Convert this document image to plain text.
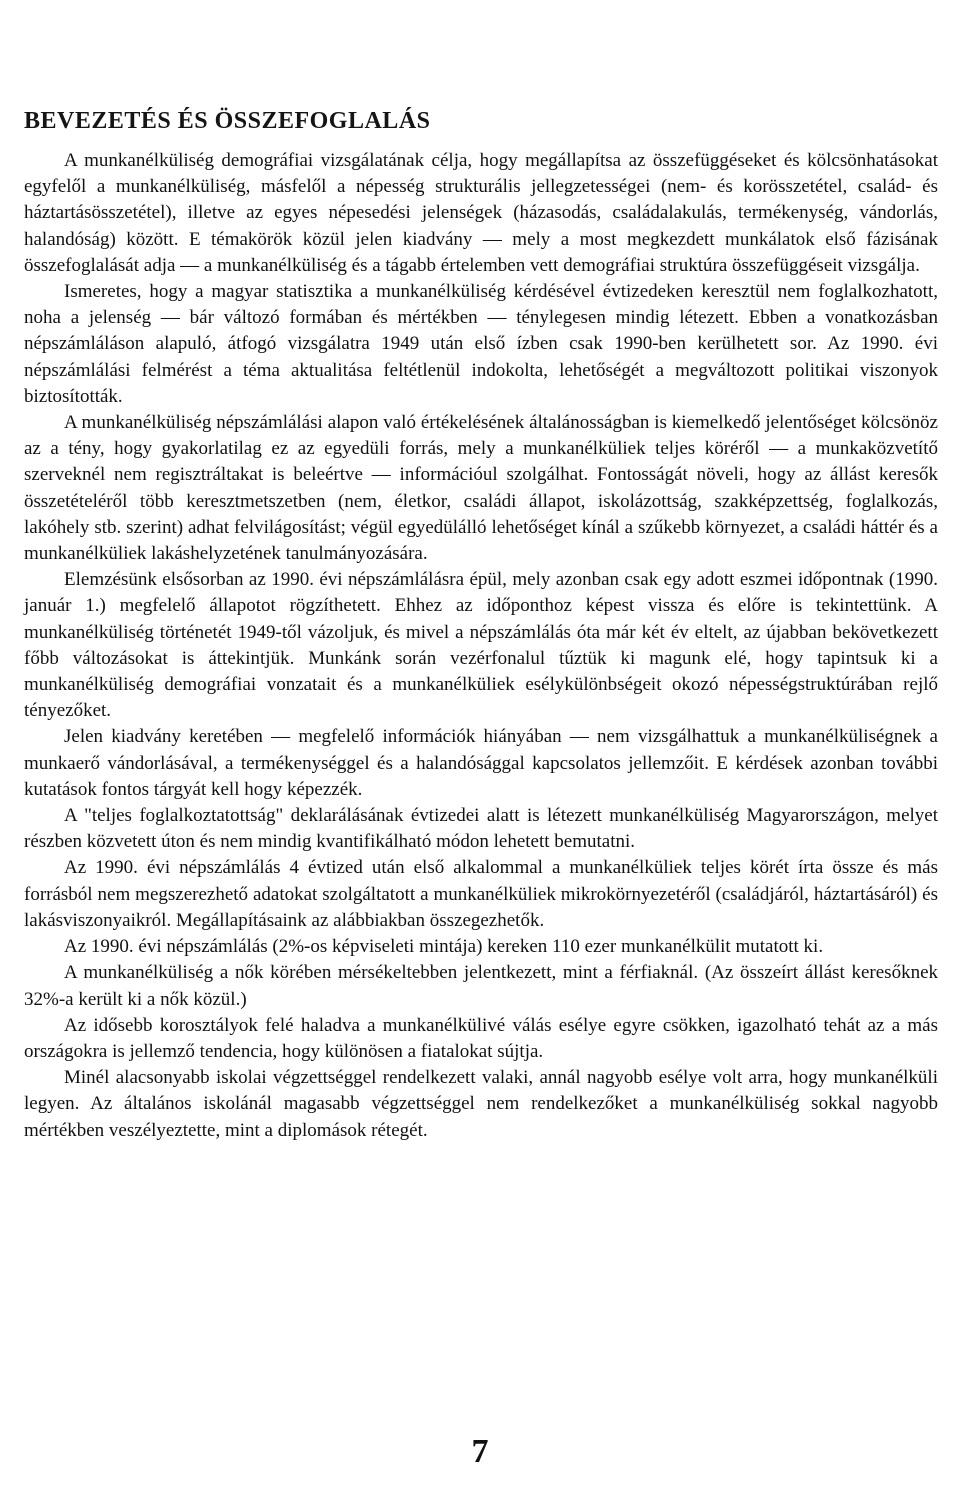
BEVEZETÉS ÉS ÖSSZEFOGLALÁS

A munkanélküliség demográfiai vizsgálatának célja, hogy megállapítsa az összefüggéseket és kölcsönhatásokat egyfelől a munkanélküliség, másfelől a népesség strukturális jellegzetességei (nem- és korösszetétel, család- és háztartásösszetétel), illetve az egyes népesedési jelenségek (házasodás, családalakulás, termékenység, vándorlás, halandóság) között. E témakörök közül jelen kiadvány — mely a most megkezdett munkálatok első fázisának összefoglalását adja — a munkanélküliség és a tágabb értelemben vett demográfiai struktúra összefüggéseit vizsgálja.

Ismeretes, hogy a magyar statisztika a munkanélküliség kérdésével évtizedeken keresztül nem foglalkozhatott, noha a jelenség — bár változó formában és mértékben — ténylegesen mindig létezett. Ebben a vonatkozásban népszámláláson alapuló, átfogó vizsgálatra 1949 után első ízben csak 1990-ben kerülhetett sor. Az 1990. évi népszámlálási felmérést a téma aktualitása feltétlenül indokolta, lehetőségét a megváltozott politikai viszonyok biztosították.

A munkanélküliség népszámlálási alapon való értékelésének általánosságban is kiemelkedő jelentőséget kölcsönöz az a tény, hogy gyakorlatilag ez az egyedüli forrás, mely a munkanélküliek teljes köréről — a munkaközvetítő szerveknél nem regisztráltakat is beleértve — információul szolgálhat. Fontosságát növeli, hogy az állást keresők összetételéről több keresztmetszetben (nem, életkor, családi állapot, iskolázottság, szakképzettség, foglalkozás, lakóhely stb. szerint) adhat felvilágosítást; végül egyedülálló lehetőséget kínál a szűkebb környezet, a családi háttér és a munkanélküliek lakáshelyzetének tanulmányozására.

Elemzésünk elsősorban az 1990. évi népszámlálásra épül, mely azonban csak egy adott eszmei időpontnak (1990. január 1.) megfelelő állapotot rögzíthetett. Ehhez az időponthoz képest vissza és előre is tekintettünk. A munkanélküliség történetét 1949-től vázoljuk, és mivel a népszámlálás óta már két év eltelt, az újabban bekövetkezett főbb változásokat is áttekintjük. Munkánk során vezérfonalul tűztük ki magunk elé, hogy tapintsuk ki a munkanélküliség demográfiai vonzatait és a munkanélküliek esélykülönbségeit okozó népességstruktúrában rejlő tényezőket.

Jelen kiadvány keretében — megfelelő információk hiányában — nem vizsgálhattuk a munkanélküliségnek a munkaerő vándorlásával, a termékenységgel és a halandósággal kapcsolatos jellemzőit. E kérdések azonban további kutatások fontos tárgyát kell hogy képezzék.

A "teljes foglalkoztatottság" deklarálásának évtizedei alatt is létezett munkanélküliség Magyarországon, melyet részben közvetett úton és nem mindig kvantifikálható módon lehetett bemutatni.

Az 1990. évi népszámlálás 4 évtized után első alkalommal a munkanélküliek teljes körét írta össze és más forrásból nem megszerezhető adatokat szolgáltatott a munkanélküliek mikrokörnyezetéről (családjáról, háztartásáról) és lakásviszonyaikról. Megállapításaink az alábbiakban összegezhetők.

Az 1990. évi népszámlálás (2%-os képviseleti mintája) kereken 110 ezer munkanélkülit mutatott ki.

A munkanélküliség a nők körében mérsékeltebben jelentkezett, mint a férfiaknál. (Az összeírt állást keresőknek 32%-a került ki a nők közül.)

Az idősebb korosztályok felé haladva a munkanélkülivé válás esélye egyre csökken, igazolható tehát az a más országokra is jellemző tendencia, hogy különösen a fiatalokat sújtja.

Minél alacsonyabb iskolai végzettséggel rendelkezett valaki, annál nagyobb esélye volt arra, hogy munkanélküli legyen. Az általános iskolánál magasabb végzettséggel nem rendelkezőket a munkanélküliség sokkal nagyobb mértékben veszélyeztette, mint a diplomások rétegét.

7
